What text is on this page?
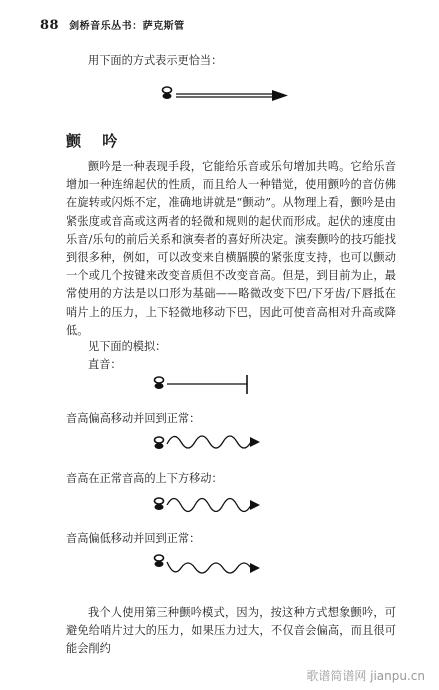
88 剑桥音乐丛书：萨克斯管
用下面的方式表示更恰当：
颤 吟
颤吟是一种表现手段，它能给乐音或乐句增加共鸣。它给乐音增加一种连绵起伏的性质，而且给人一种错觉，使用颤吟的音仿佛在旋转或闪烁不定，准确地讲就是“颤动”。从物理上看，颤吟是由紧张度或音高或这两者的轻微和规则的起伏而形成。起伏的速度由乐音/乐句的前后关系和演奏者的喜好所决定。演奏颤吟的技巧能找到很多种，例如，可以改变来自横膈膜的紧张度支持，也可以颤动一个或几个按键来改变音质但不改变音高。但是，到目前为止，最常使用的方法是以口形为基础——略微改变下巴/下牙齿/下唇抵在哨片上的压力，上下轻微地移动下巴，因此可使音高相对升高或降低。
见下面的模拟：
直音：
音高偏高移动并回到正常：
音高在正常音高的上下方移动：
音高偏低移动并回到正常：
我个人使用第三种颤吟模式，因为，按这种方式想象颤吟，可避免给哨片过大的压力，如果压力过大，不仅音会偏高，而且很可能会削约
歌谱简谱网 jianpu.cn
